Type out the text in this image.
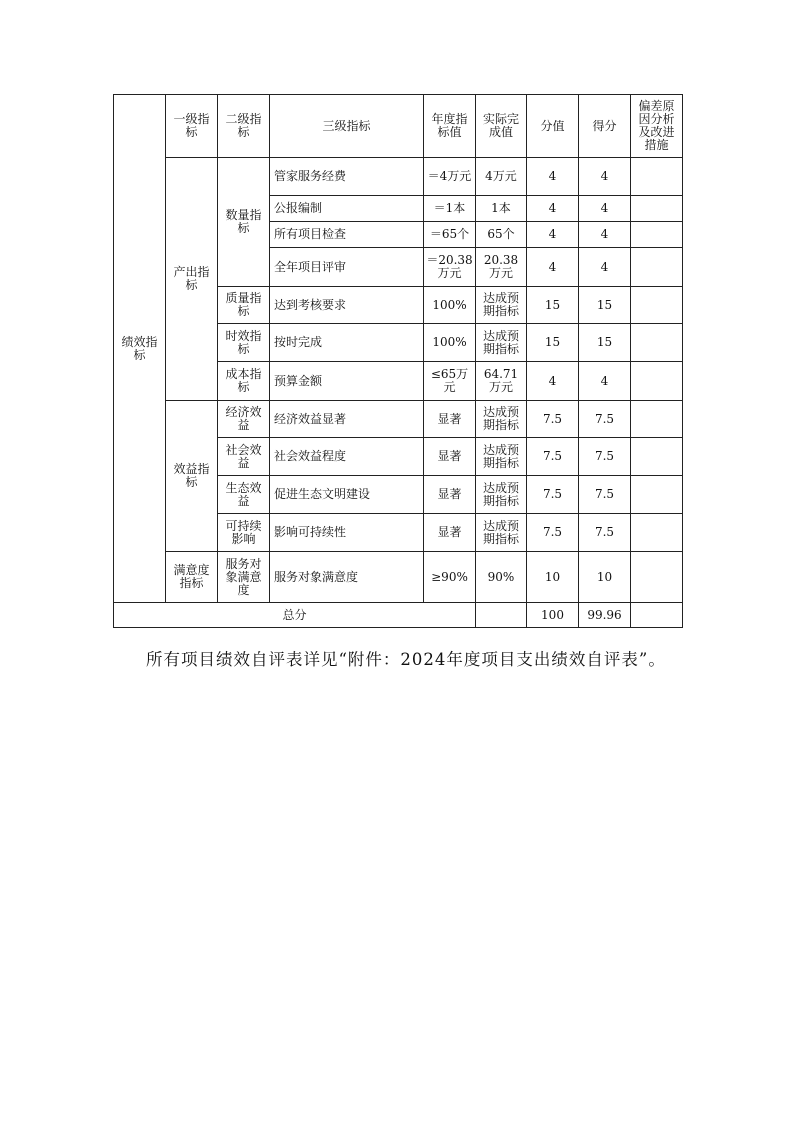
绩效指标	一级指标	二级指标	三级指标	年度指标值	实际完成值	分值	得分	偏差原因分析及改进措施
	产出指标	数量指标	管家服务经费	＝4万元	4万元	4	4	
			公报编制	＝1本	1本	4	4	
			所有项目检查	＝65个	65个	4	4	
			全年项目评审	＝20.38万元	20.38万元	4	4	
		质量指标	达到考核要求	100%	达成预期指标	15	15	
		时效指标	按时完成	100%	达成预期指标	15	15	
		成本指标	预算金额	≤65万元	64.71万元	4	4	
	效益指标	经济效益	经济效益显著	显著	达成预期指标	7.5	7.5	
		社会效益	社会效益程度	显著	达成预期指标	7.5	7.5	
		生态效益	促进生态文明建设	显著	达成预期指标	7.5	7.5	
		可持续影响	影响可持续性	显著	达成预期指标	7.5	7.5	
	满意度指标	服务对象满意度	服务对象满意度	≥90%	90%	10	10	
总分						100	99.96	
所有项目绩效自评表详见“附件：2024年度项目支出绩效自评表”。
